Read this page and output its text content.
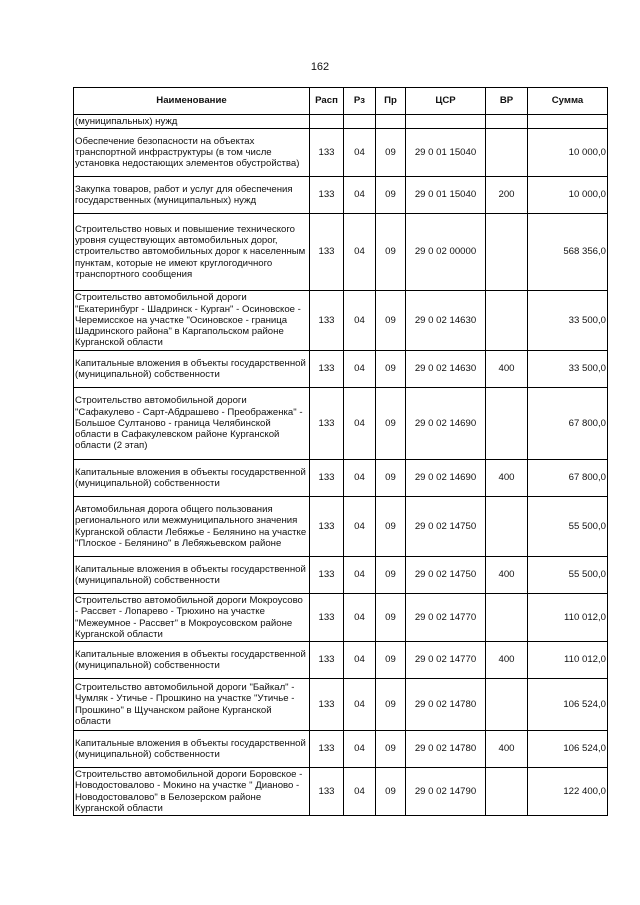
162
Наименование	Расп	Рз	Пр	ЦСР	ВР	Сумма
(муниципальных) нужд						
Обеспечение безопасности на объектах транспортной инфраструктуры (в том числе установка недостающих элементов обустройства)	133	04	09	29 0 01 15040		10 000,0
Закупка товаров, работ и услуг для обеспечения государственных (муниципальных) нужд	133	04	09	29 0 01 15040	200	10 000,0
Строительство новых и повышение технического уровня существующих автомобильных дорог, строительство автомобильных дорог к населенным пунктам, которые не имеют круглогодичного транспортного сообщения	133	04	09	29 0 02 00000		568 356,0
Строительство автомобильной дороги "Екатеринбург - Шадринск - Курган" - Осиновское - Черемисское на участке "Осиновское - граница Шадринского района" в Каргапольском районе Курганской области	133	04	09	29 0 02 14630		33 500,0
Капитальные вложения в объекты государственной (муниципальной) собственности	133	04	09	29 0 02 14630	400	33 500,0
Строительство автомобильной дороги "Сафакулево - Сарт-Абдрашево - Преображенка" - Большое Султаново - граница Челябинской области в Сафакулевском районе Курганской области (2 этап)	133	04	09	29 0 02 14690		67 800,0
Капитальные вложения в объекты государственной (муниципальной) собственности	133	04	09	29 0 02 14690	400	67 800,0
Автомобильная дорога общего пользования регионального или межмуниципального значения Курганской области Лебяжье - Белянино на участке "Плоское - Белянино" в Лебяжьевском районе	133	04	09	29 0 02 14750		55 500,0
Капитальные вложения в объекты государственной (муниципальной) собственности	133	04	09	29 0 02 14750	400	55 500,0
Строительство автомобильной дороги Мокроусово - Рассвет - Лопарево - Трюхино на участке "Межеумное - Рассвет" в Мокроусовском районе Курганской области	133	04	09	29 0 02 14770		110 012,0
Капитальные вложения в объекты государственной (муниципальной) собственности	133	04	09	29 0 02 14770	400	110 012,0
Строительство автомобильной дороги "Байкал" - Чумляк - Утичье - Прошкино на участке "Утичье - Прошкино" в Щучанском районе Курганской области	133	04	09	29 0 02 14780		106 524,0
Капитальные вложения в объекты государственной (муниципальной) собственности	133	04	09	29 0 02 14780	400	106 524,0
Строительство автомобильной дороги Боровское - Новодостовалово - Мокино на участке " Дианово - Новодостовалово" в Белозерском районе Курганской области	133	04	09	29 0 02 14790		122 400,0
